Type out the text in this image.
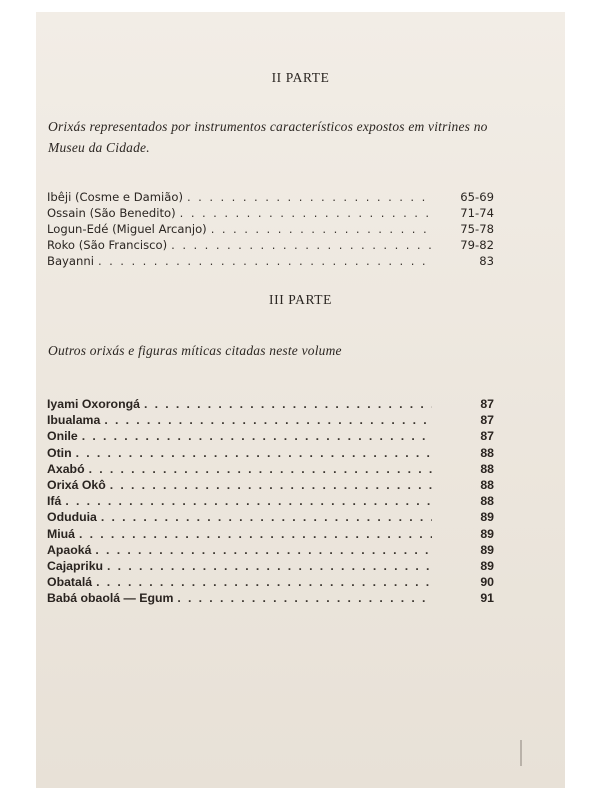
II PARTE
Orixás representados por instrumentos característicos expostos em vitrines no Museu da Cidade.
Ibêji (Cosme e Damião) . . .	65-69
Ossain (São Benedito) . . .	71-74
Logun-Edé (Miguel Arcanjo) . . .	75-78
Roko (São Francisco) . . .	79-82
Bayanni . . .	83
III PARTE
Outros orixás e figuras míticas citadas neste volume
Iyami Oxorongá . . .	87
Ibualama . . .	87
Onile . . .	87
Otin . . .	88
Axabó . . .	88
Orixá Okô . . .	88
Ifá . . .	88
Oduduia . . .	89
Miuá . . .	89
Apaoká . . .	89
Cajapriku . . .	89
Obatalá . . .	90
Babá obaolá — Egum . . .	91
